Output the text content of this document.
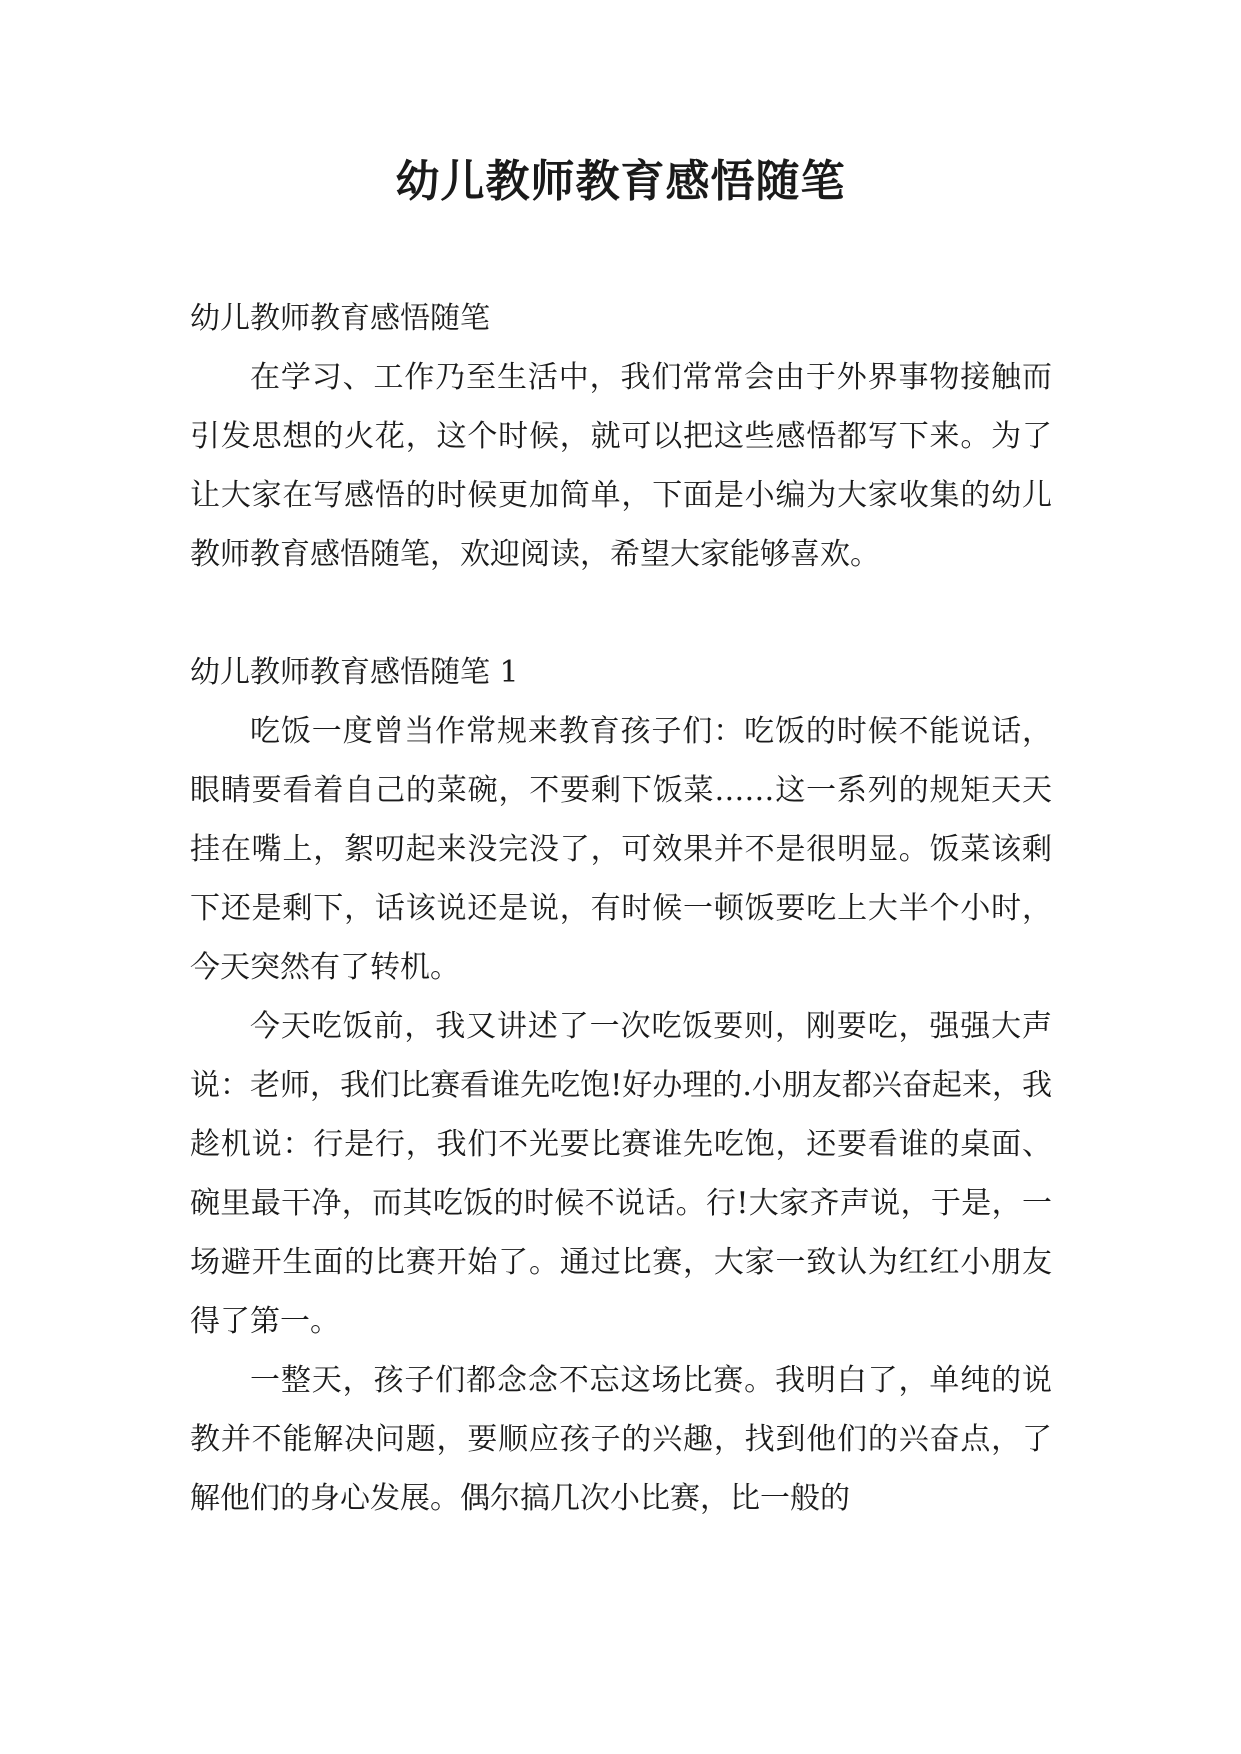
幼儿教师教育感悟随笔

幼儿教师教育感悟随笔

在学习、工作乃至生活中，我们常常会由于外界事物接触而引发思想的火花，这个时候，就可以把这些感悟都写下来。为了让大家在写感悟的时候更加简单，下面是小编为大家收集的幼儿教师教育感悟随笔，欢迎阅读，希望大家能够喜欢。

幼儿教师教育感悟随笔 1

吃饭一度曾当作常规来教育孩子们：吃饭的时候不能说话，眼睛要看着自己的菜碗，不要剩下饭菜……这一系列的规矩天天挂在嘴上，絮叨起来没完没了，可效果并不是很明显。饭菜该剩下还是剩下，话该说还是说，有时候一顿饭要吃上大半个小时，今天突然有了转机。

今天吃饭前，我又讲述了一次吃饭要则，刚要吃，强强大声说：老师，我们比赛看谁先吃饱!好办理的.小朋友都兴奋起来，我趁机说：行是行，我们不光要比赛谁先吃饱，还要看谁的桌面、碗里最干净，而其吃饭的时候不说话。行!大家齐声说，于是，一场避开生面的比赛开始了。通过比赛，大家一致认为红红小朋友得了第一。

一整天，孩子们都念念不忘这场比赛。我明白了，单纯的说教并不能解决问题，要顺应孩子的兴趣，找到他们的兴奋点，了解他们的身心发展。偶尔搞几次小比赛，比一般的
